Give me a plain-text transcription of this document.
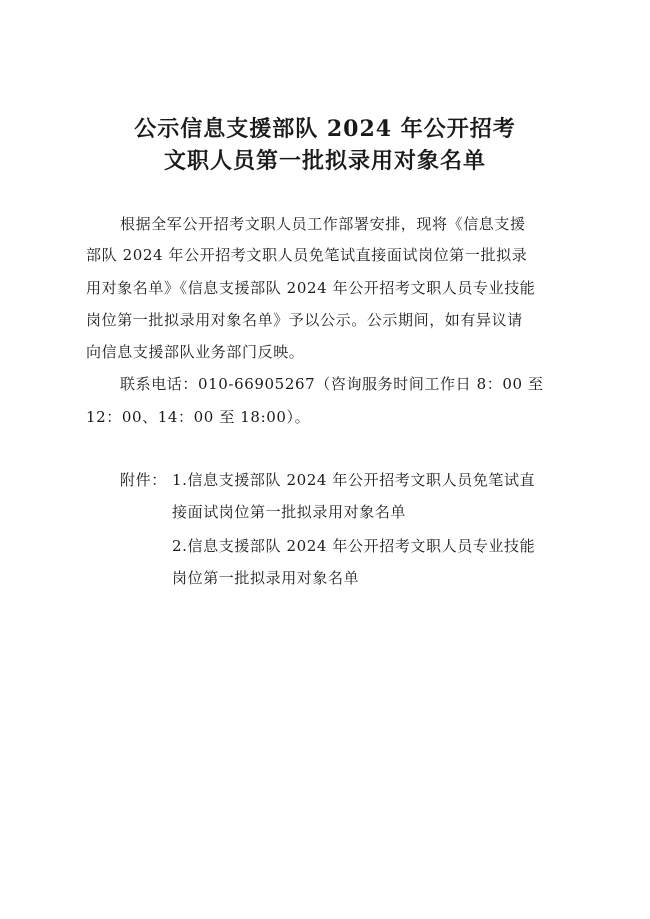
公示信息支援部队 2024 年公开招考
文职人员第一批拟录用对象名单
根据全军公开招考文职人员工作部署安排，现将《信息支援
部队 2024 年公开招考文职人员免笔试直接面试岗位第一批拟录
用对象名单》《信息支援部队 2024 年公开招考文职人员专业技能
岗位第一批拟录用对象名单》予以公示。公示期间，如有异议请
向信息支援部队业务部门反映。
联系电话：010-66905267（咨询服务时间工作日 8：00 至
12：00、14：00 至 18:00）。
附件： 1.信息支援部队 2024 年公开招考文职人员免笔试直
接面试岗位第一批拟录用对象名单
2.信息支援部队 2024 年公开招考文职人员专业技能
岗位第一批拟录用对象名单
